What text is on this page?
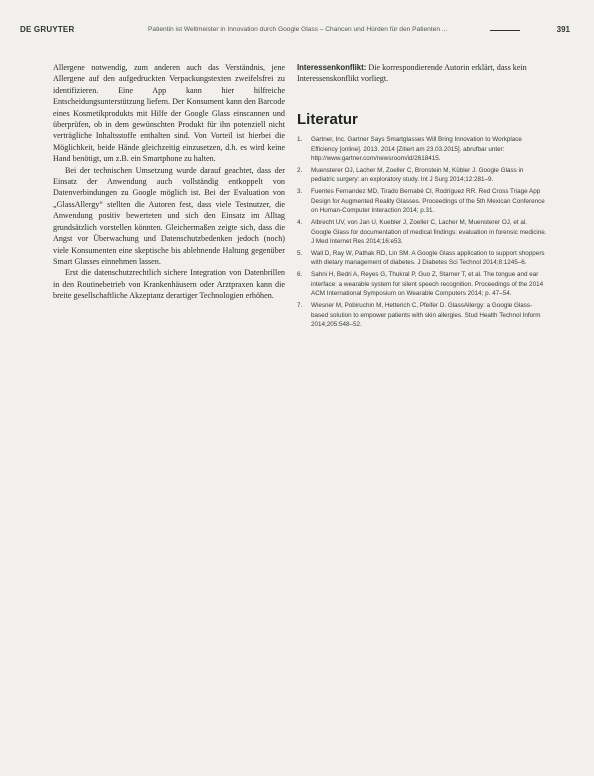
DE GRUYTER	Patientin ist Weltmeister in Innovation durch Google Glass – Chancen und Hürden für den Patienten ...	391

Allergene notwendig, zum anderen auch das Verständnis, jene Allergene auf den aufgedruckten Verpackungstexten zweifelsfrei zu identifizieren. Eine App kann hier hilfreiche Entscheidungsunterstützung liefern. Der Konsument kann den Barcode eines Kosmetikprodukts mit Hilfe der Google Glass einscannen und überprüfen, ob in dem gewünschten Produkt für ihn potenziell nicht verträgliche Inhaltsstoffe enthalten sind. Von Vorteil ist hierbei die Möglichkeit, beide Hände gleichzeitig einzusetzen, d.h. es wird keine Hand benötigt, um z.B. ein Smartphone zu halten.

Bei der technischen Umsetzung wurde darauf geachtet, dass der Einsatz der Anwendung auch vollständig entkoppelt von Datenverbindungen zu Google möglich ist. Bei der Evaluation von „GlassAllergy“ stellten die Autoren fest, dass viele Testnutzer, die Anwendung positiv bewerteten und sich den Einsatz im Alltag grundsätzlich vorstellen könnten. Gleichermaßen zeigte sich, dass die Angst vor Überwachung und Datenschutzbedenken jedoch (noch) viele Konsumenten eine skeptische bis ablehnende Haltung gegenüber Smart Glasses einnehmen lassen.

Erst die datenschutzrechtlich sichere Integration von Datenbrillen in den Routinebetrieb von Krankenhäusern oder Arztpraxen kann die breite gesellschaftliche Akzeptanz derartiger Technologien erhöhen.

Interessenkonflikt: Die korrespondierende Autorin erklärt, dass kein Interessenskonflikt vorliegt.
Literatur
1.	Gartner, Inc. Gartner Says Smartglasses Will Bring Innovation to Workplace Efficiency [online]. 2013. 2014 [Zitiert am 23.03.2015]. abrufbar unter: http://www.gartner.com/newsroom/id/2618415.
2.	Muensterer OJ, Lacher M, Zoeller C, Bronstein M, Kübler J. Google Glass in pediatric surgery: an exploratory study. Int J Surg 2014;12:281–9.
3.	Fuentes Fernandez MD, Tirado Bernabé CI, Rodríguez RR. Red Cross Triage App Design for Augmented Reality Glasses. Proceedings of the 5th Mexican Conference on Human-Computer Interaction 2014; p.31.
4.	Albrecht UV, von Jan U, Kuebler J, Zoeller C, Lacher M, Muensterer OJ, et al. Google Glass for documentation of medical findings: evaluation in forensic medicine. J Med Internet Res 2014;16:e53.
5.	Wall D, Ray W, Pathak RD, Lin SM. A Google Glass application to support shoppers with dietary management of diabetes. J Diabetes Sci Technol 2014;8:1245–6.
6.	Sahni H, Bedri A, Reyes G, Thukral P, Guo Z, Starner T, et al. The tongue and ear interface: a wearable system for silent speech recognition. Proceedings of the 2014 ACM International Symposium on Wearable Computers 2014; p. 47–54.
7.	Wiesner M, Pobiruchin M, Hetterich C, Pfeifer D. GlassAllergy: a Google Glass-based solution to empower patients with skin allergies. Stud Health Technol Inform 2014;205:548–52.
